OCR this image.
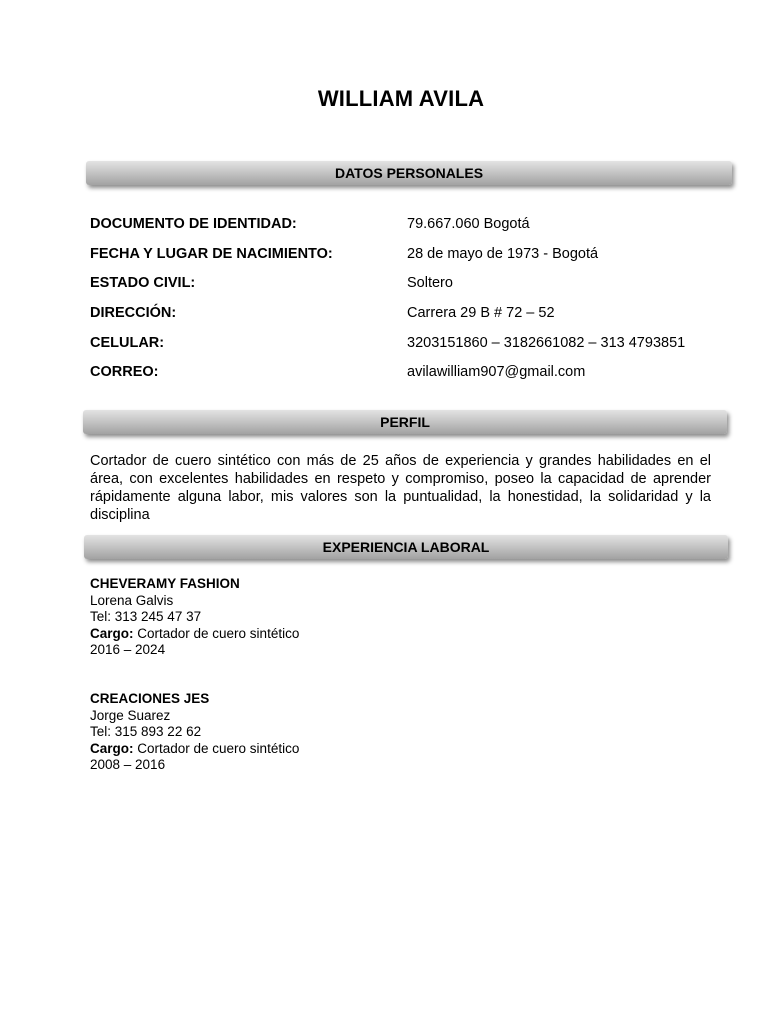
WILLIAM AVILA
DATOS PERSONALES
DOCUMENTO DE IDENTIDAD:	79.667.060 Bogotá
FECHA Y LUGAR DE NACIMIENTO:	28 de mayo de 1973 - Bogotá
ESTADO CIVIL:	Soltero
DIRECCIÓN:	Carrera 29 B # 72 – 52
CELULAR:	3203151860 – 3182661082 – 313 4793851
CORREO:	avilawilliam907@gmail.com
PERFIL
Cortador de cuero sintético con más de 25 años de experiencia y grandes habilidades en el área, con excelentes habilidades en respeto y compromiso, poseo la capacidad de aprender rápidamente alguna labor, mis valores son la puntualidad, la honestidad, la solidaridad y la disciplina
EXPERIENCIA LABORAL
CHEVERAMY FASHION
Lorena Galvis
Tel: 313 245 47 37
Cargo: Cortador de cuero sintético
2016 – 2024
CREACIONES JES
Jorge Suarez
Tel: 315 893 22 62
Cargo: Cortador de cuero sintético
2008 – 2016
